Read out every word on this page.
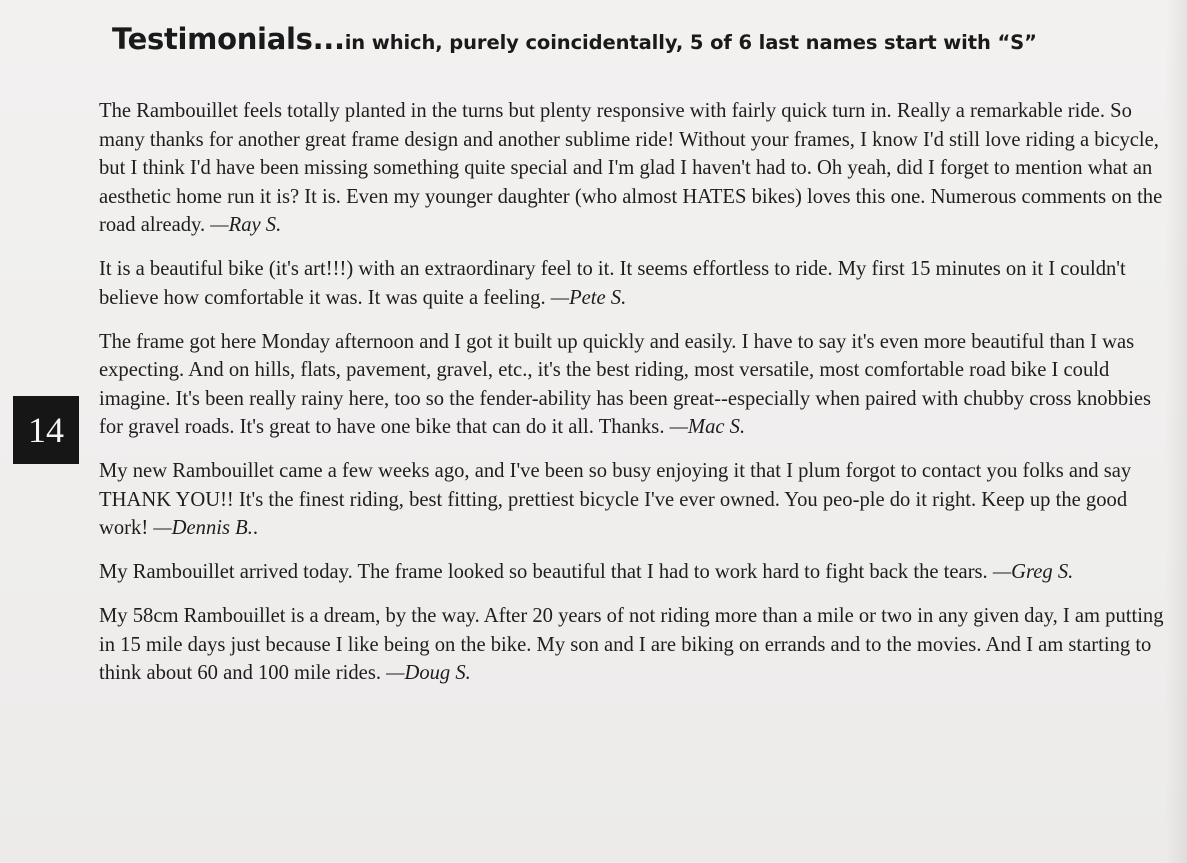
Testimonials...in which, purely coincidentally, 5 of 6 last names start with “S”
14

The Rambouillet feels totally planted in the turns but plenty responsive with fairly quick turn in. Really a remarkable ride. So many thanks for another great frame design and another sublime ride! Without your frames, I know I'd still love riding a bicycle, but I think I'd have been missing something quite special and I'm glad I haven't had to. Oh yeah, did I forget to mention what an aesthetic home run it is? It is. Even my younger daughter (who almost HATES bikes) loves this one. Numerous comments on the road already. —Ray S.

It is a beautiful bike (it's art!!!) with an extraordinary feel to it. It seems effortless to ride. My first 15 minutes on it I couldn't believe how comfortable it was. It was quite a feeling. —Pete S.

The frame got here Monday afternoon and I got it built up quickly and easily. I have to say it's even more beautiful than I was expecting. And on hills, flats, pavement, gravel, etc., it's the best riding, most versatile, most comfortable road bike I could imagine. It's been really rainy here, too so the fender-ability has been great--especially when paired with chubby cross knobbies for gravel roads. It's great to have one bike that can do it all. Thanks. —Mac S.

My new Rambouillet came a few weeks ago, and I've been so busy enjoying it that I plum forgot to contact you folks and say THANK YOU!! It's the finest riding, best fitting, prettiest bicycle I've ever owned. You peo-ple do it right. Keep up the good work! —Dennis B..

My Rambouillet arrived today. The frame looked so beautiful that I had to work hard to fight back the tears. —Greg S.

My 58cm Rambouillet is a dream, by the way. After 20 years of not riding more than a mile or two in any given day, I am putting in 15 mile days just because I like being on the bike. My son and I are biking on errands and to the movies. And I am starting to think about 60 and 100 mile rides. —Doug S.
